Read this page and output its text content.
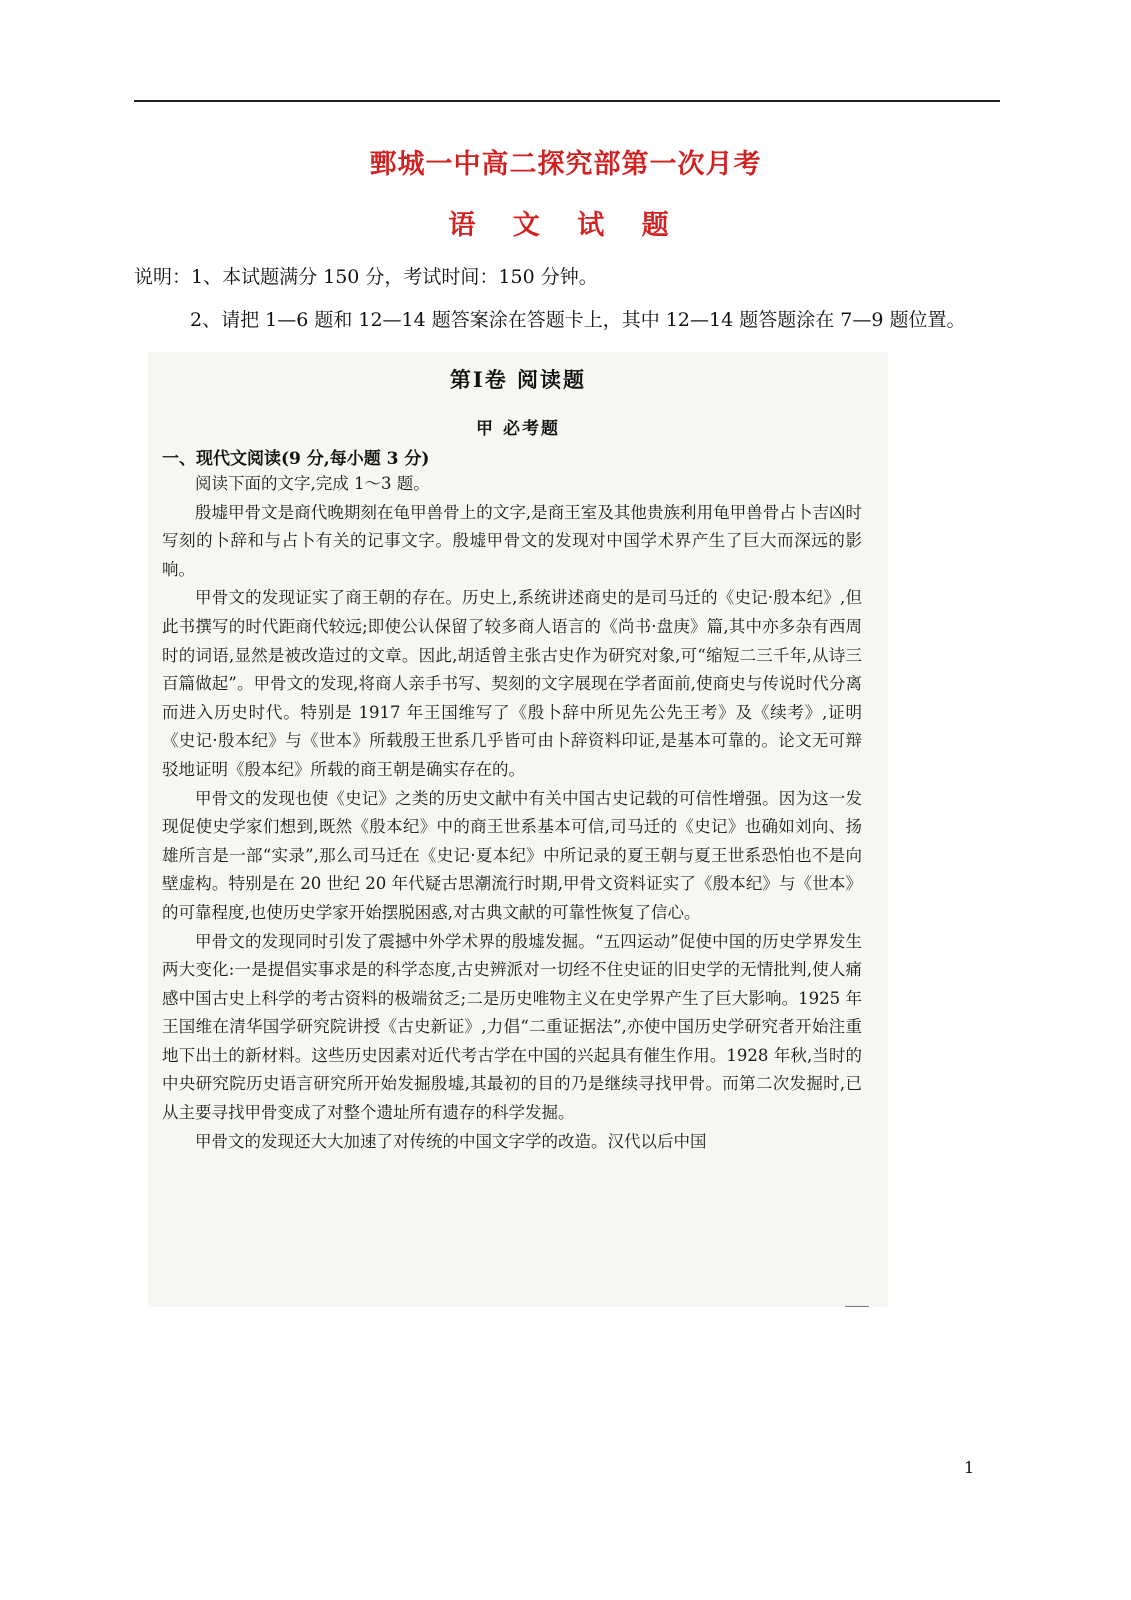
鄄城一中高二探究部第一次月考
语 文 试 题
说明：1、本试题满分 150 分，考试时间：150 分钟。
2、请把 1—6 题和 12—14 题答案涂在答题卡上，其中 12—14 题答题涂在 7—9 题位置。
第Ⅰ卷 阅读题
甲 必考题
一、现代文阅读(9 分,每小题 3 分)

阅读下面的文字,完成 1～3 题。

殷墟甲骨文是商代晚期刻在龟甲兽骨上的文字,是商王室及其他贵族利用龟甲兽骨占卜吉凶时写刻的卜辞和与占卜有关的记事文字。殷墟甲骨文的发现对中国学术界产生了巨大而深远的影响。

甲骨文的发现证实了商王朝的存在。历史上,系统讲述商史的是司马迁的《史记·殷本纪》,但此书撰写的时代距商代较远;即使公认保留了较多商人语言的《尚书·盘庚》篇,其中亦多杂有西周时的词语,显然是被改造过的文章。因此,胡适曾主张古史作为研究对象,可“缩短二三千年,从诗三百篇做起”。甲骨文的发现,将商人亲手书写、契刻的文字展现在学者面前,使商史与传说时代分离而进入历史时代。特别是 1917 年王国维写了《殷卜辞中所见先公先王考》及《续考》,证明《史记·殷本纪》与《世本》所载殷王世系几乎皆可由卜辞资料印证,是基本可靠的。论文无可辩驳地证明《殷本纪》所载的商王朝是确实存在的。

甲骨文的发现也使《史记》之类的历史文献中有关中国古史记载的可信性增强。因为这一发现促使史学家们想到,既然《殷本纪》中的商王世系基本可信,司马迁的《史记》也确如刘向、扬雄所言是一部“实录”,那么司马迁在《史记·夏本纪》中所记录的夏王朝与夏王世系恐怕也不是向壁虚构。特别是在 20 世纪 20 年代疑古思潮流行时期,甲骨文资料证实了《殷本纪》与《世本》的可靠程度,也使历史学家开始摆脱困惑,对古典文献的可靠性恢复了信心。

甲骨文的发现同时引发了震撼中外学术界的殷墟发掘。“五四运动”促使中国的历史学界发生两大变化:一是提倡实事求是的科学态度,古史辨派对一切经不住史证的旧史学的无情批判,使人痛感中国古史上科学的考古资料的极端贫乏;二是历史唯物主义在史学界产生了巨大影响。1925 年王国维在清华国学研究院讲授《古史新证》,力倡“二重证据法”,亦使中国历史学研究者开始注重地下出土的新材料。这些历史因素对近代考古学在中国的兴起具有催生作用。1928 年秋,当时的中央研究院历史语言研究所开始发掘殷墟,其最初的目的乃是继续寻找甲骨。而第二次发掘时,已从主要寻找甲骨变成了对整个遗址所有遗存的科学发掘。

甲骨文的发现还大大加速了对传统的中国文字学的改造。汉代以后中国

1
